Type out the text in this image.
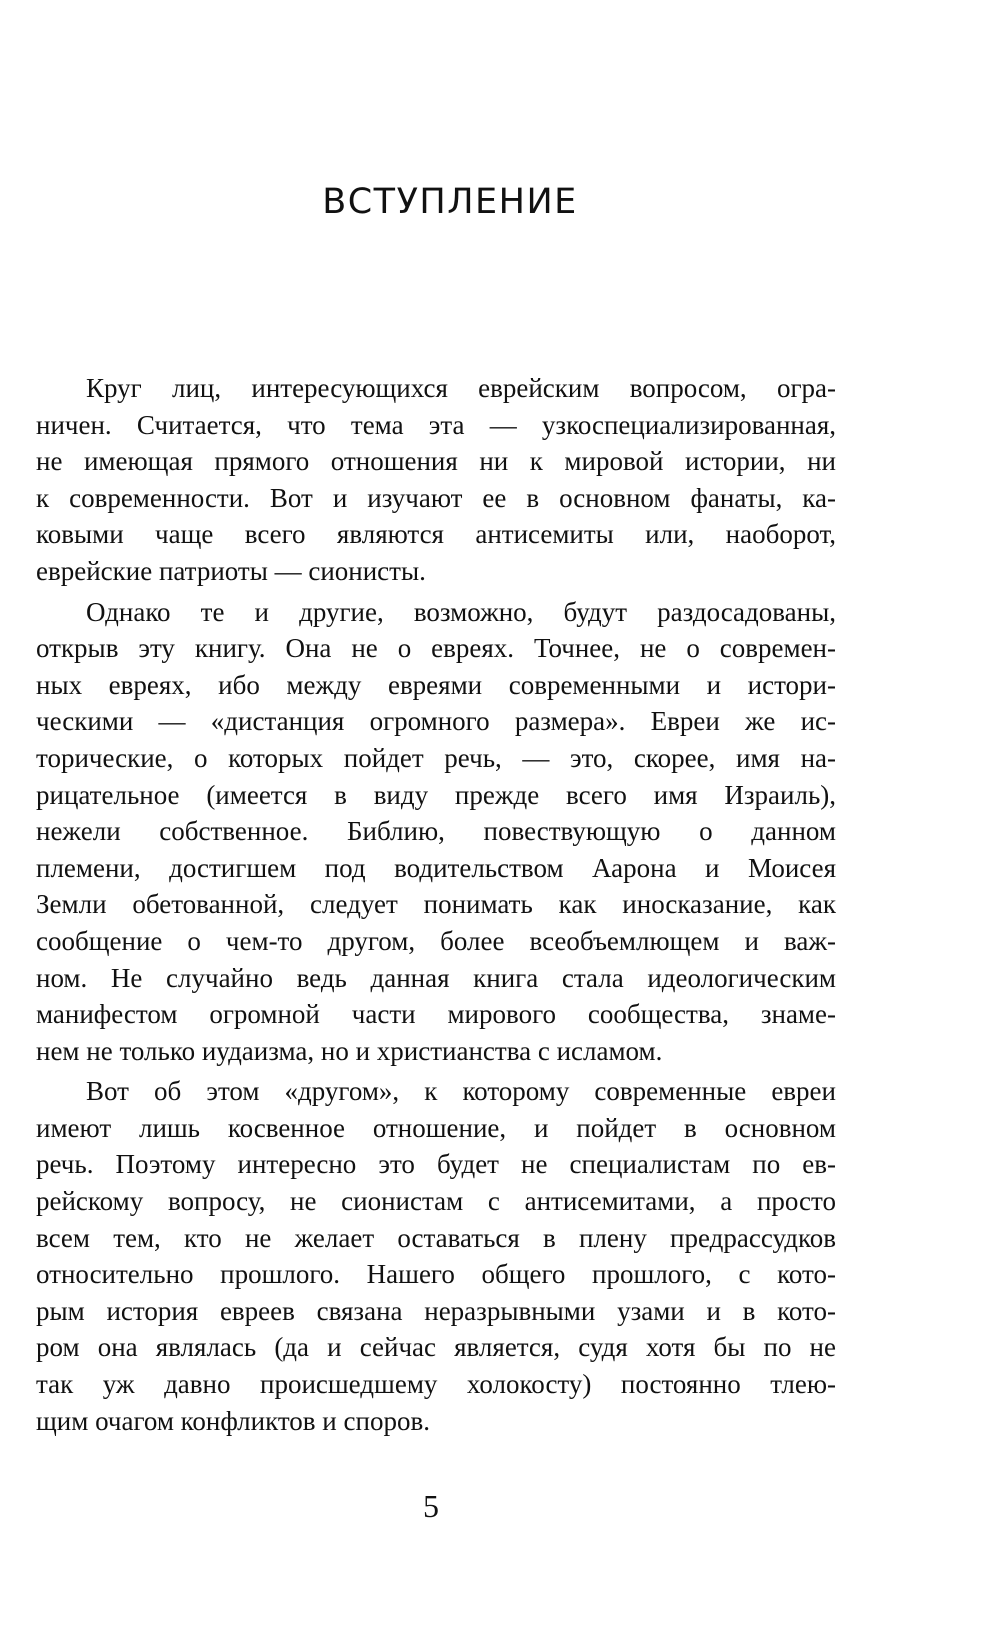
ВСТУПЛЕНИЕ

Круг лиц, интересующихся еврейским вопросом, огра-
ничен. Считается, что тема эта — узкоспециализированная,
не имеющая прямого отношения ни к мировой истории, ни
к современности. Вот и изучают ее в основном фанаты, ка-
ковыми чаще всего являются антисемиты или, наоборот,
еврейские патриоты — сионисты.

Однако те и другие, возможно, будут раздосадованы,
открыв эту книгу. Она не о евреях. Точнее, не о современ-
ных евреях, ибо между евреями современными и истори-
ческими — «дистанция огромного размера». Евреи же ис-
торические, о которых пойдет речь, — это, скорее, имя на-
рицательное (имеется в виду прежде всего имя Израиль),
нежели собственное. Библию, повествующую о данном
племени, достигшем под водительством Аарона и Моисея
Земли обетованной, следует понимать как иносказание, как
сообщение о чем-то другом, более всеобъемлющем и важ-
ном. Не случайно ведь данная книга стала идеологическим
манифестом огромной части мирового сообщества, знаме-
нем не только иудаизма, но и христианства с исламом.

Вот об этом «другом», к которому современные евреи
имеют лишь косвенное отношение, и пойдет в основном
речь. Поэтому интересно это будет не специалистам по ев-
рейскому вопросу, не сионистам с антисемитами, а просто
всем тем, кто не желает оставаться в плену предрассудков
относительно прошлого. Нашего общего прошлого, с кото-
рым история евреев связана неразрывными узами и в кото-
ром она являлась (да и сейчас является, судя хотя бы по не
так уж давно происшедшему холокосту) постоянно тлею-
щим очагом конфликтов и споров.

5
